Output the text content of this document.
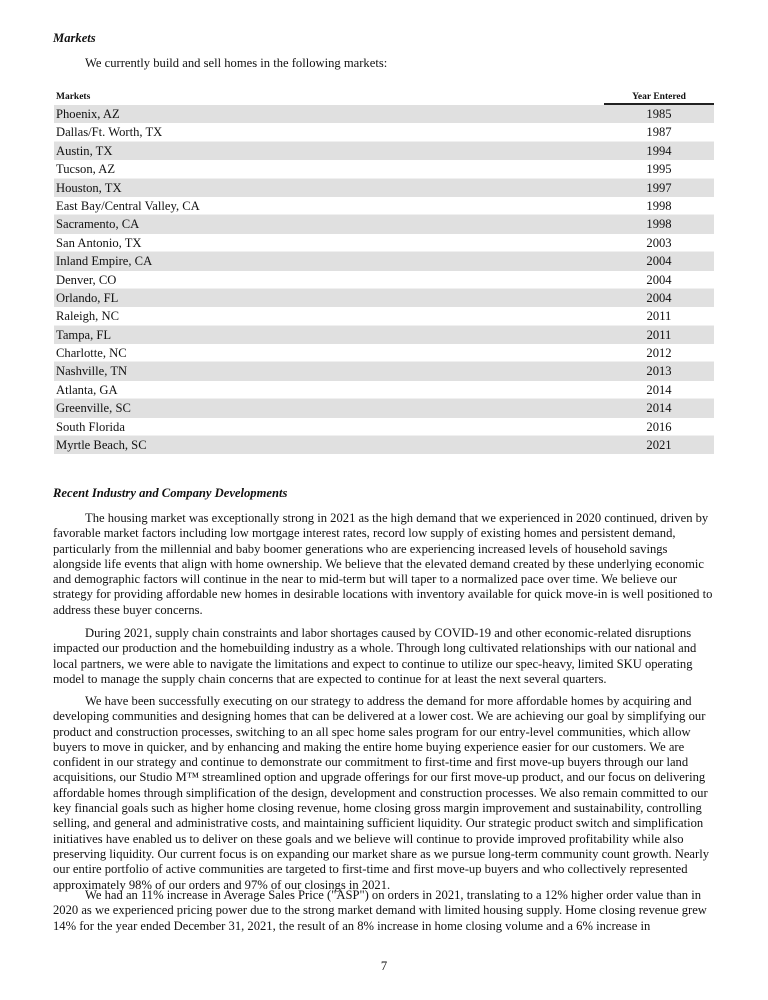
Markets
We currently build and sell homes in the following markets:
Markets	Year Entered
Phoenix, AZ	1985
Dallas/Ft. Worth, TX	1987
Austin, TX	1994
Tucson, AZ	1995
Houston, TX	1997
East Bay/Central Valley, CA	1998
Sacramento, CA	1998
San Antonio, TX	2003
Inland Empire, CA	2004
Denver, CO	2004
Orlando, FL	2004
Raleigh, NC	2011
Tampa, FL	2011
Charlotte, NC	2012
Nashville, TN	2013
Atlanta, GA	2014
Greenville, SC	2014
South Florida	2016
Myrtle Beach, SC	2021
Recent Industry and Company Developments

The housing market was exceptionally strong in 2021 as the high demand that we experienced in 2020 continued, driven by favorable market factors including low mortgage interest rates, record low supply of existing homes and persistent demand, particularly from the millennial and baby boomer generations who are experiencing increased levels of household savings alongside life events that align with home ownership. We believe that the elevated demand created by these underlying economic and demographic factors will continue in the near to mid-term but will taper to a normalized pace over time. We believe our strategy for providing affordable new homes in desirable locations with inventory available for quick move-in is well positioned to address these buyer concerns.

During 2021, supply chain constraints and labor shortages caused by COVID-19 and other economic-related disruptions impacted our production and the homebuilding industry as a whole. Through long cultivated relationships with our national and local partners, we were able to navigate the limitations and expect to continue to utilize our spec-heavy, limited SKU operating model to manage the supply chain concerns that are expected to continue for at least the next several quarters.

We have been successfully executing on our strategy to address the demand for more affordable homes by acquiring and developing communities and designing homes that can be delivered at a lower cost. We are achieving our goal by simplifying our product and construction processes, switching to an all spec home sales program for our entry-level communities, which allow buyers to move in quicker, and by enhancing and making the entire home buying experience easier for our customers. We are confident in our strategy and continue to demonstrate our commitment to first-time and first move-up buyers through our land acquisitions, our Studio M™ streamlined option and upgrade offerings for our first move-up product, and our focus on delivering affordable homes through simplification of the design, development and construction processes. We also remain committed to our key financial goals such as higher home closing revenue, home closing gross margin improvement and sustainability, controlling selling, and general and administrative costs, and maintaining sufficient liquidity. Our strategic product switch and simplification initiatives have enabled us to deliver on these goals and we believe will continue to provide improved profitability while also preserving liquidity. Our current focus is on expanding our market share as we pursue long-term community count growth. Nearly our entire portfolio of active communities are targeted to first-time and first move-up buyers and who collectively represented approximately 98% of our orders and 97% of our closings in 2021.

We had an 11% increase in Average Sales Price ("ASP") on orders in 2021, translating to a 12% higher order value than in 2020 as we experienced pricing power due to the strong market demand with limited housing supply. Home closing revenue grew 14% for the year ended December 31, 2021, the result of an 8% increase in home closing volume and a 6% increase in

7
